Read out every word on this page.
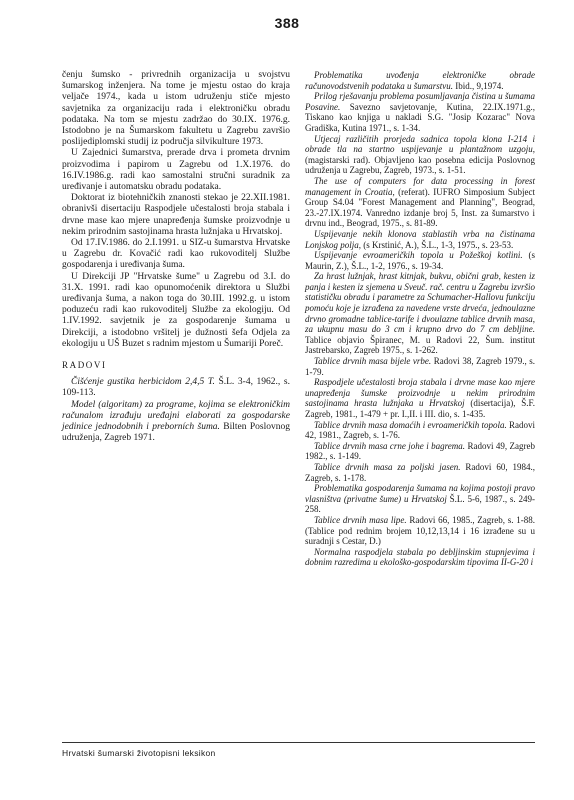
388

čenju šumsko - privrednih organizacija u svojstvu šumarskog inženjera. Na tome je mjestu ostao do kraja veljače 1974., kada u istom udruženju stiče mjesto savjetnika za organizaciju rada i elektroničku obradu podataka. Na tom se mjestu zadržao do 30.IX. 1976.g. Istodobno je na Šumarskom fakultetu u Zagrebu završio poslijediplomski studij iz područja silvikulture 1973.

U Zajednici šumarstva, prerade drva i prometa drvnim proizvodima i papirom u Zagrebu od 1.X.1976. do 16.IV.1986.g. radi kao samostalni stručni suradnik za uređivanje i automatsku obradu podataka.

Doktorat iz biotehničkih znanosti stekao je 22.XII.1981. obranivši disertaciju Raspodjele učestalosti broja stabala i drvne mase kao mjere unapređenja šumske proizvodnje u nekim prirodnim sastojinama hrasta lužnjaka u Hrvatskoj.

Od 17.IV.1986. do 2.I.1991. u SIZ-u šumarstva Hrvatske u Zagrebu dr. Kovačić radi kao rukovoditelj Službe gospodarenja i uređivanja šuma.

U Direkciji JP "Hrvatske šume" u Zagrebu od 3.I. do 31.X. 1991. radi kao opunomoćenik direktora u Službi uređivanja šuma, a nakon toga do 30.III. 1992.g. u istom poduzeću radi kao rukovoditelj Službe za ekologiju. Od 1.IV.1992. savjetnik je za gospodarenje šumama u Direkciji, a istodobno vršitelj je dužnosti šefa Odjela za ekologiju u UŠ Buzet s radnim mjestom u Šumariji Poreč.

RADOVI

Čišćenje gustika herbicidom 2,4,5 T. Š.L. 3-4, 1962., s. 109-113.

Model (algoritam) za programe, kojima se elektroničkim računalom izrađuju uređajni elaborati za gospodarske jedinice jednodobnih i preborních šuma. Bilten Poslovnog udruženja, Zagreb 1971.

Problematika uvođenja elektroničke obrade računovodstvenih podataka u šumarstvu. Ibid., 9,1974.

Prilog rješavanju problema posumljavanja čistina u šumama Posavine. Savezno savjetovanje, Kutina, 22.IX.1971.g., Tiskano kao knjiga u nakladi S.G. "Josip Kozarac" Nova Gradiška, Kutina 1971., s. 1-34.

Utjecaj različitih prorjeda sadnica topola klona I-214 i obrade tla na startno uspijevanje u plantažnom uzgoju, (magistarski rad). Objavljeno kao posebna edicija Poslovnog udruženja u Zagrebu, Zagreb, 1973., s. 1-51.

The use of computers for data processing in forest management in Croatia, (referat). IUFRO Simposium Subject Group S4.04 "Forest Management and Planning", Beograd, 23.-27.IX.1974. Vanredno izdanje broj 5, Inst. za šumarstvo i drvnu ind., Beograd, 1975., s. 81-89.

Uspijevanje nekih klonova stablastih vrba na čistinama Lonjskog polja, (s Krstinić, A.), Š.L., 1-3, 1975., s. 23-53.

Uspijevanje evroameričkih topola u Požeškoj kotlini. (s Maurin, Z.), Š.L., 1-2, 1976., s. 19-34.

Za hrast lužnjak, hrast kitnjak, bukvu, obični grab, kesten iz panja i kesten iz sjemena u Sveuč. rač. centru u Zagrebu izvršio statističku obradu i parametre za Schumacher-Hallovu funkciju pomoću koje je izrađena za navedene vrste drveća, jednoulazne drvno gromadne tablice-tarife i dvoulazne tablice drvnih masa, za ukupnu masu do 3 cm i krupno drvo do 7 cm debljine. Tablice objavio Špiranec, M. u Radovi 22, Šum. institut Jastrebarsko, Zagreb 1975., s. 1-262.

Tablice drvnih masa bijele vrbe. Radovi 38, Zagreb 1979., s. 1-79.

Raspodjele učestalosti broja stabala i drvne mase kao mjere unapređenja šumske proizvodnje u nekim prirodnim sastojinama hrasta lužnjaka u Hrvatskoj (disertacija), Š.F. Zagreb, 1981., 1-479 + pr. I.,II. i III. dio, s. 1-435.

Tablice drvnih masa domaćih i evroameričkih topola. Radovi 42, 1981., Zagreb, s. 1-76.

Tablice drvnih masa crne johe i bagrema. Radovi 49, Zagreb 1982., s. 1-149.

Tablice drvnih masa za poljski jasen. Radovi 60, 1984., Zagreb, s. 1-178.

Problematika gospodarenja šumama na kojima postoji pravo vlasništva (privatne šume) u Hrvatskoj Š.L. 5-6, 1987., s. 249-258.

Tablice drvnih masa lipe. Radovi 66, 1985., Zagreb, s. 1-88. (Tablice pod rednim brojem 10,12,13,14 i 16 izrađene su u suradnji s Cestar, D.)

Normalna raspodjela stabala po debljinskim stupnjevima i dobnim razredima u ekološko-gospodarskim tipovima II-G-20 i

Hrvatski šumarski životopisni leksikon
